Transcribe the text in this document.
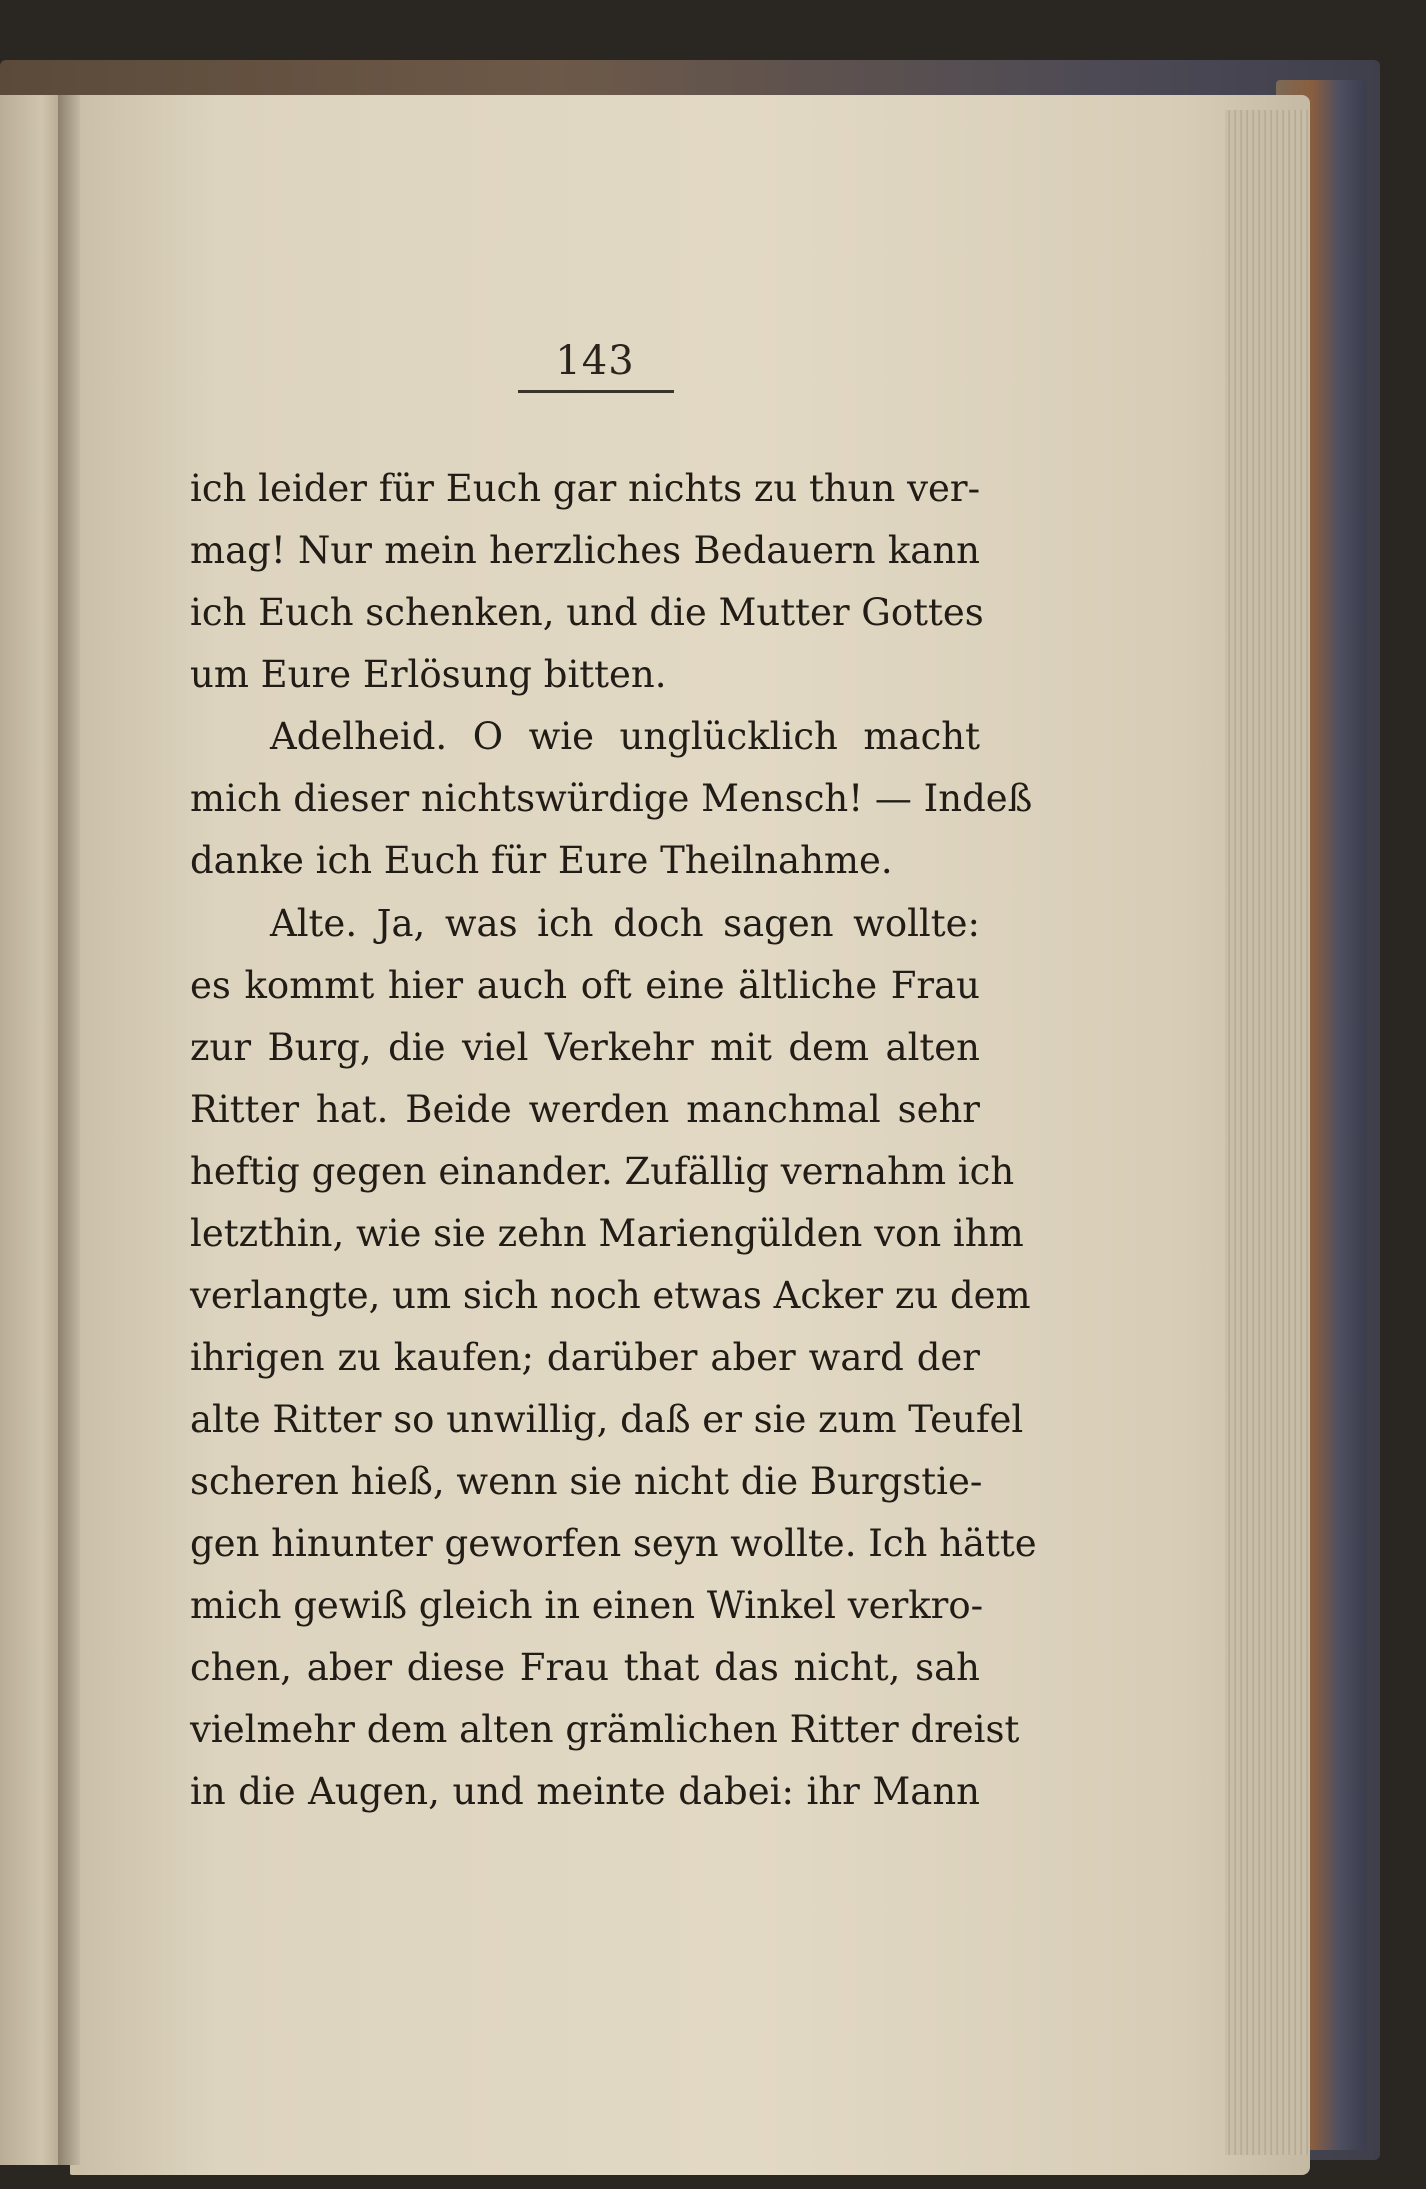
143
ich leider für Euch gar nichts zu thun ver-
mag! Nur mein herzliches Bedauern kann
ich Euch schenken, und die Mutter Gottes
um Eure Erlösung bitten.
Adelheid. O wie unglücklich macht
mich dieser nichtswürdige Mensch! — Indeß
danke ich Euch für Eure Theilnahme.
Alte. Ja, was ich doch sagen wollte:
es kommt hier auch oft eine ältliche Frau
zur Burg, die viel Verkehr mit dem alten
Ritter hat. Beide werden manchmal sehr
heftig gegen einander. Zufällig vernahm ich
letzthin, wie sie zehn Mariengülden von ihm
verlangte, um sich noch etwas Acker zu dem
ihrigen zu kaufen; darüber aber ward der
alte Ritter so unwillig, daß er sie zum Teufel
scheren hieß, wenn sie nicht die Burgstie-
gen hinunter geworfen seyn wollte. Ich hätte
mich gewiß gleich in einen Winkel verkro-
chen, aber diese Frau that das nicht, sah
vielmehr dem alten grämlichen Ritter dreist
in die Augen, und meinte dabei: ihr Mann
